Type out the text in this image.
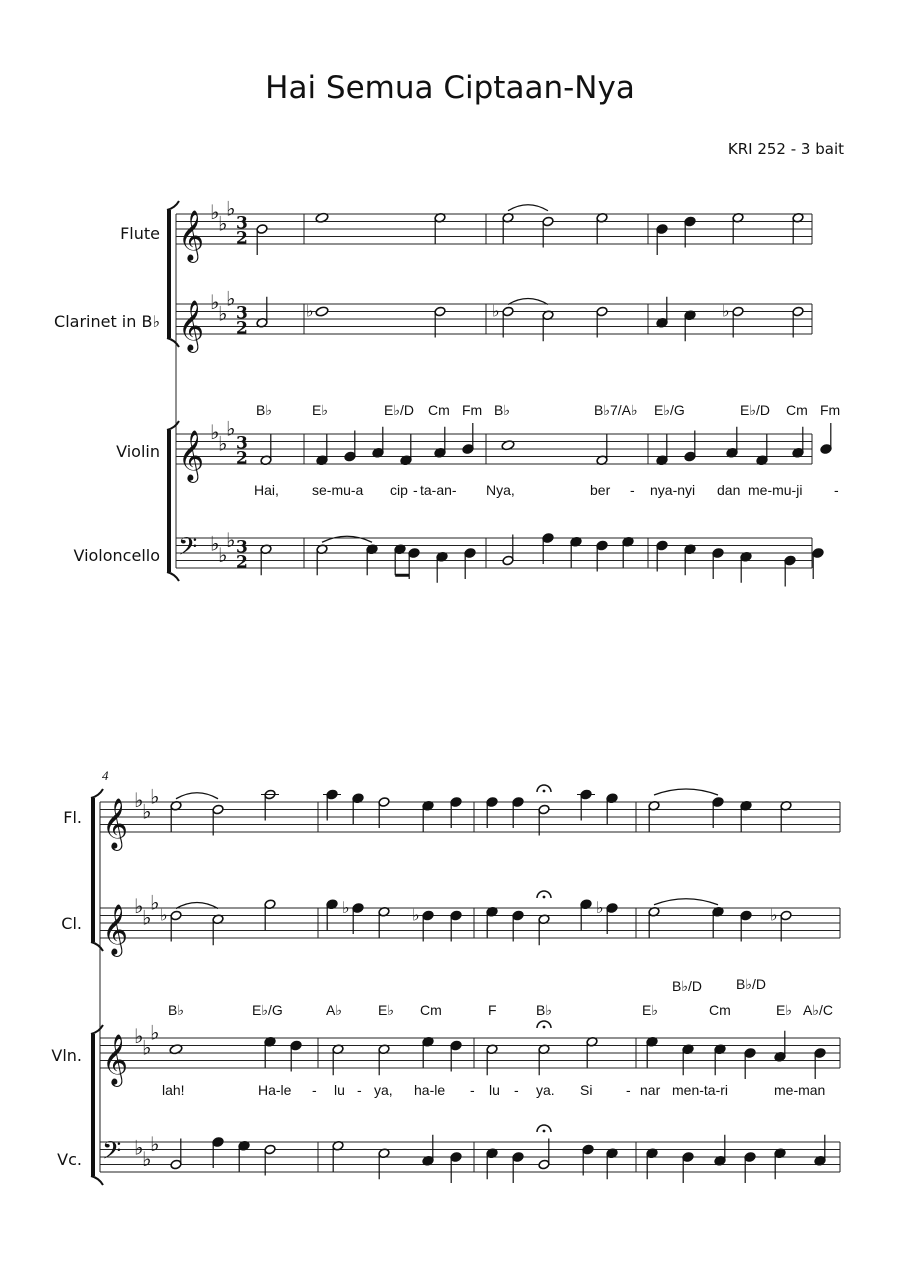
Hai Semua Ciptaan-Nya
KRI 252 - 3 bait
Flute
Clarinet in B♭
Violin
Violoncello
Fl.
Cl.
Vln.
Vc.
4
B♭	E♭	E♭/D Cm Fm B♭	B♭7/A♭ E♭/G	E♭/D Cm Fm
Hai, se-mu-a cip - ta-an- Nya,	ber - nya-nyi dan me-mu-ji -
B♭	E♭/G	A♭	E♭ Cm	F	B♭	E♭
B♭/D
Cm
B♭/D
E♭ A♭/C
lah!	Ha-le - lu - ya, ha-le - lu - ya. Si - nar men-ta-ri	me-man
𝄞 ♭
♭
♭
3
2
𝄞 ♭
♭
♭
3
2
𝄞 ♭
♭
♭
3
2
𝄢 ♭
♭
♭ 3
2
♭	♭	♭
𝄞 ♭
♭
♭
𝄞 ♭
♭
♭
𝄞 ♭
♭
♭
𝄢 ♭
♭
♭
♭	♭	♭	♭	♭
